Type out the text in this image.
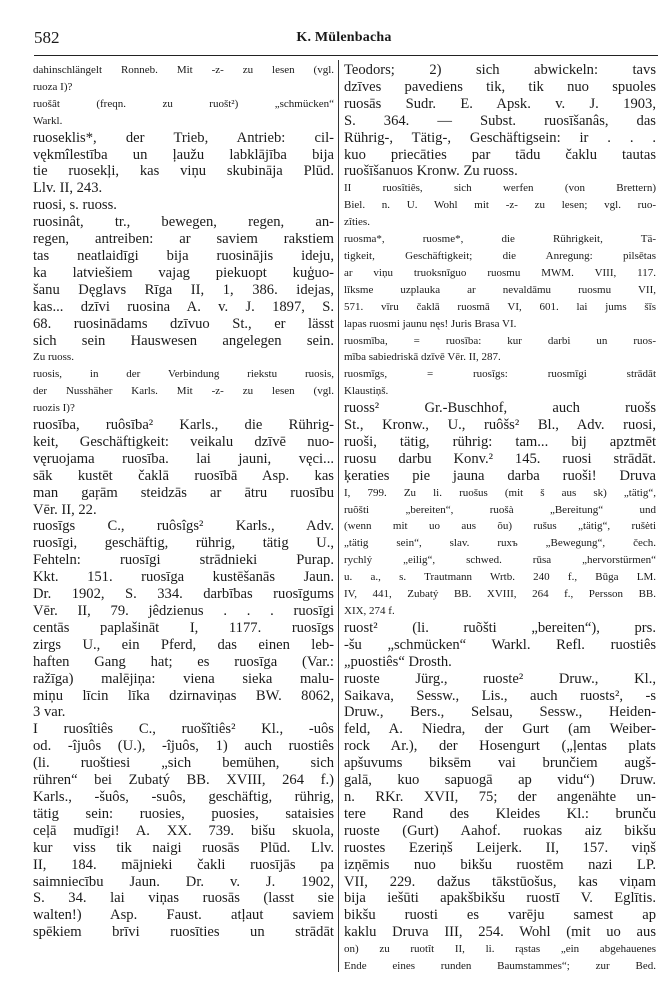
582	K. Mülenbacha
dahinschlängelt Ronneb. Mit -z- zu lesen (vgl.
ruoza I)?
ruošât (freqn. zu ruošt²) „schmücken“
Warkl.
ruoseklis*, der Trieb, Antrieb: cil-
vękmîlestība un ļaužu labklājība bija
tie ruosekļi, kas viņu skubināja Plūd.
Llv. II, 243.
ruosi, s. ruoss.
ruosinât, tr., bewegen, regen, an-
regen, antreiben: ar saviem rakstiem
tas neatlaidīgi bija ruosinājis ideju,
ka latviešiem vajag piekuopt kuģuo-
šanu Dęglavs Rīga II, 1, 386. idejas,
kas... dzīvi ruosina A. v. J. 1897, S.
68. ruosinādams dzīvuo St., er lässt
sich sein Hauswesen angelegen sein.
Zu ruoss.
ruosis, in der Verbindung riekstu ruosis,
der Nusshäher Karls. Mit -z- zu lesen (vgl.
ruozis I)?
ruosība, ruôsība² Karls., die Rührig-
keit, Geschäftigkeit: veikalu dzīvē nuo-
vęruojama ruosība. lai jauni, vęci...
sāk kustēt čaklā ruosībā Asp. kas
man gaŗām steidzās ar ātru ruosību
Vēr. II, 22.
ruosīgs C., ruôsîgs² Karls., Adv.
ruosīgi, geschäftig, rührig, tätig U.,
Fehteln: ruosīgi strādnieki Purap.
Kkt. 151. ruosīga kustēšanās Jaun.
Dr. 1902, S. 334. darbības ruosīgums
Vēr. II, 79. jêdzienus . . . ruosīgi
centās paplašināt I, 1177. ruosīgs
zirgs U., ein Pferd, das einen leb-
haften Gang hat; es ruosīga (Var.:
ražīga) malējiņa: viena sieka malu-
miņu līcin līka dzirnaviņas BW. 8062,
3 var.
I ruosîtiês C., ruošîtiês² Kl., -uôs
od. -îjuôs (U.), -îjuôs, 1) auch ruostiês
(li. ruoštiesi „sich bemühen, sich
rühren“ bei Zubatý BB. XVIII, 264 f.)
Karls., -šuôs, -suôs, geschäftig, rührig,
tätig sein: ruosies, puosies, sataisies
ceļā mudīgi! A. XX. 739. bišu skuola,
kur viss tik naigi ruosās Plūd. Llv.
II, 184. mājnieki čakli ruosījās pa
saimniecību Jaun. Dr. v. J. 1902,
S. 34. lai viņas ruosās (lasst sie
walten!) Asp. Faust. atļaut saviem
spēkiem brīvi ruosīties un strādāt
Teodors; 2) sich abwickeln: tavs
dzīves pavediens tik, tik nuo spuoles
ruosās Sudr. E. Apsk. v. J. 1903,
S. 364. — Subst. ruosīšanâs, das
Rührig-, Tätig-, Geschäftigsein: ir . . .
kuo priecāties par tādu čaklu tautas
ruošīšanuos Kronw. Zu ruoss.
II ruosîtiês, sich werfen (von Brettern)
Biel. n. U. Wohl mit -z- zu lesen; vgl. ruo-
zîties.
ruosma*, ruosme*, die Rührigkeit, Tä-
tigkeit, Geschäftigkeit; die Anregung: pilsētas
ar viņu truoksnīguo ruosmu MWM. VIII, 117.
līksme uzplauka ar nevaldāmu ruosmu VII,
571. vīru čaklā ruosmā VI, 601. lai jums šīs
lapas ruosmi jaunu nęs! Juris Brasa VI.
ruosmība, = ruosība: kur darbi un ruos-
mība sabiedriskā dzīvē Vēr. II, 287.
ruosmīgs, = ruosīgs: ruosmīgi strādāt
Klaustiņš.
ruoss² Gr.-Buschhof, auch ruošs
St., Kronw., U., ruôšs² Bl., Adv. ruosi,
ruoši, tätig, rührig: tam... bij apztmēt
ruosu darbu Konv.² 145. ruosi strādāt.
ķeraties pie jauna darba ruoši! Druva
I, 799. Zu li. ruošus (mit š aus sk) „tätig“,
ruõšti „bereiten“, ruošà „Bereitung“ und
(wenn mit uo aus õu) rušus „tätig“, rušėti
„tätig sein“, slav. ruxъ „Bewegung“, čech.
rychlý „eilig“, schwed. rūsa „hervorstürmen“
u. a., s. Trautmann Wrtb. 240 f., Būga LM.
IV, 441, Zubatý BB. XVIII, 264 f., Persson BB.
XIX, 274 f.
ruost² (li. ruõšti „bereiten“), prs.
-šu „schmücken“ Warkl. Refl. ruostiês
„puostiês“ Drosth.
ruoste Jürg., ruoste² Druw., Kl.,
Saikava, Sessw., Lis., auch ruosts², -s
Druw., Bers., Selsau, Sessw., Heiden-
feld, A. Niedra, der Gurt (am Weiber-
rock Ar.), der Hosengurt („ļentas plats
apšuvums biksēm vai brunčiem augš-
galā, kuo sapuogā ap vidu“) Druw.
n. RKr. XVII, 75; der angenähte un-
tere Rand des Kleides Kl.: brunču
ruoste (Gurt) Aahof. ruokas aiz bikšu
ruostes Ezeriņš Leijerk. II, 157. viņš
izņēmis nuo bikšu ruostēm nazi LP.
VII, 229. dažus tākstūošus, kas viņam
bija iešūti apakšbikšu ruostī V. Eglītis.
bikšu ruosti es varēju samest ap
kaklu Druva III, 254. Wohl (mit uo aus
on) zu ruotît II, li. rąstas „ein abgehauenes
Ende eines runden Baumstammes“; zur Bed.
